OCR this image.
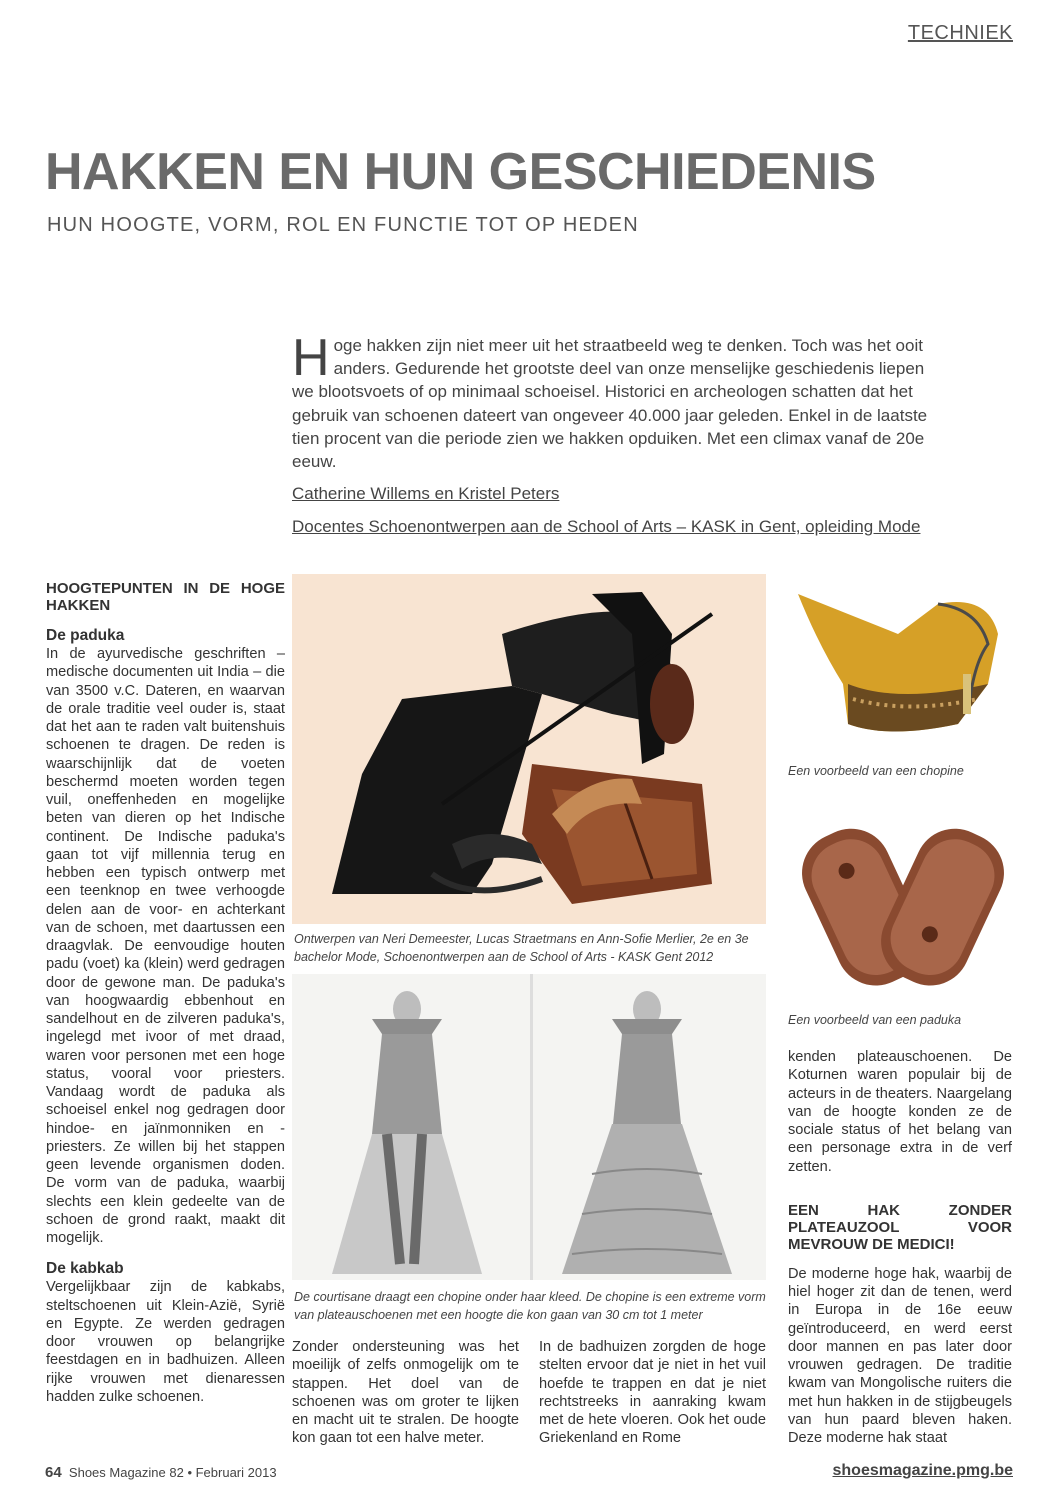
TECHNIEK
HAKKEN EN HUN GESCHIEDENIS
HUN HOOGTE, VORM, ROL EN FUNCTIE TOT OP HEDEN
Hoge hakken zijn niet meer uit het straatbeeld weg te denken. Toch was het ooit anders. Gedurende het grootste deel van onze menselijke geschiedenis liepen we blootsvoets of op minimaal schoeisel. Historici en archeologen schatten dat het gebruik van schoenen dateert van ongeveer 40.000 jaar geleden. Enkel in de laatste tien procent van die periode zien we hakken opduiken. Met een climax vanaf de 20e eeuw.
Catherine Willems en Kristel Peters
Docentes Schoenontwerpen aan de School of Arts – KASK in Gent, opleiding Mode
HOOGTEPUNTEN IN DE HOGE HAKKEN
De paduka

In de ayurvedische geschriften – medische documenten uit India – die van 3500 v.C. Dateren, en waarvan de orale traditie veel ouder is, staat dat het aan te raden valt buitenshuis schoenen te dragen. De reden is waarschijnlijk dat de voeten beschermd moeten worden tegen vuil, oneffenheden en mogelijke beten van dieren op het Indische continent. De Indische paduka's gaan tot vijf millennia terug en hebben een typisch ontwerp met een teenknop en twee verhoogde delen aan de voor- en achterkant van de schoen, met daartussen een draagvlak. De eenvoudige houten padu (voet) ka (klein) werd gedragen door de gewone man. De paduka's van hoogwaardig ebbenhout en sandelhout en de zilveren paduka's, ingelegd met ivoor of met draad, waren voor personen met een hoge status, vooral voor priesters. Vandaag wordt de paduka als schoeisel enkel nog gedragen door hindoe- en jaïnmonniken en -priesters. Ze willen bij het stappen geen levende organismen doden. De vorm van de paduka, waarbij slechts een klein gedeelte van de schoen de grond raakt, maakt dit mogelijk.

De kabkab

Vergelijkbaar zijn de kabkabs, steltschoenen uit Klein-Azië, Syrië en Egypte. Ze werden gedragen door vrouwen op belangrijke feestdagen en in badhuizen. Alleen rijke vrouwen met dienaressen hadden zulke schoenen.

Ontwerpen van Neri Demeester, Lucas Straetmans en Ann-Sofie Merlier, 2e en 3e bachelor Mode, Schoenontwerpen aan de School of Arts - KASK Gent 2012
Een voorbeeld van een chopine
Een voorbeeld van een paduka
De courtisane draagt een chopine onder haar kleed. De chopine is een extreme vorm van plateauschoenen met een hoogte die kon gaan van 30 cm tot 1 meter

Zonder ondersteuning was het moeilijk of zelfs onmogelijk om te stappen. Het doel van de schoenen was om groter te lijken en macht uit te stralen. De hoogte kon gaan tot een halve meter.

In de badhuizen zorgden de hoge stelten ervoor dat je niet in het vuil hoefde te trappen en dat je niet rechtstreeks in aanraking kwam met de hete vloeren. Ook het oude Griekenland en Rome

kenden plateauschoenen. De Koturnen waren populair bij de acteurs in de theaters. Naargelang van de hoogte konden ze de sociale status of het belang van een personage extra in de verf zetten.

EEN HAK ZONDER PLATEAUZOOL VOOR MEVROUW DE MEDICI!

De moderne hoge hak, waarbij de hiel hoger zit dan de tenen, werd in Europa in de 16e eeuw geïntroduceerd, en werd eerst door mannen en pas later door vrouwen gedragen. De traditie kwam van Mongolische ruiters die met hun hakken in de stijgbeugels van hun paard bleven haken. Deze moderne hak staat

64 Shoes Magazine 82 • Februari 2013	shoesmagazine.pmg.be
